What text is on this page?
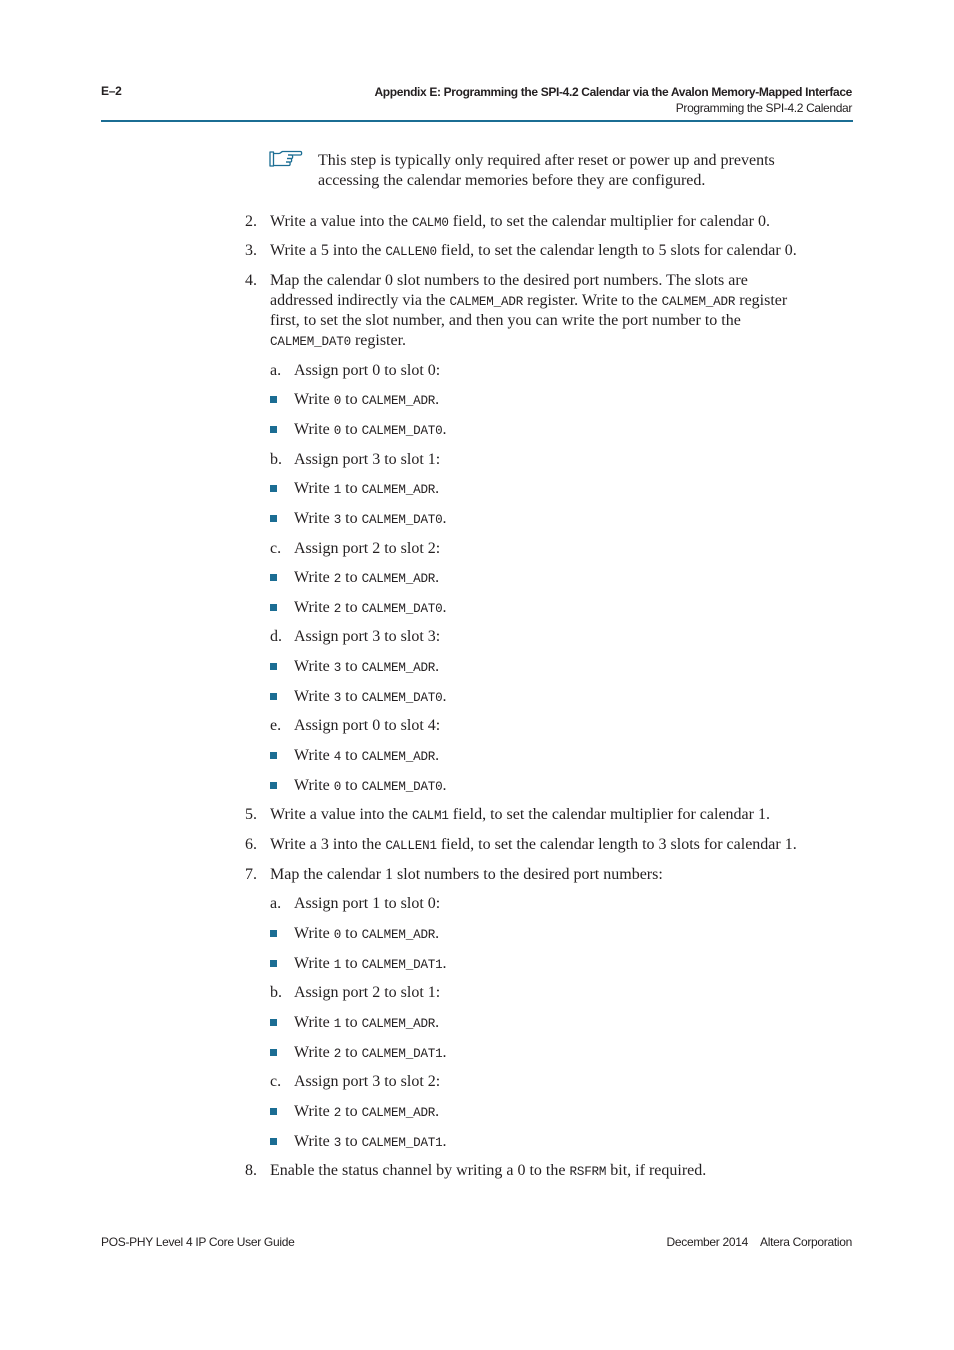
E–2	Appendix E: Programming the SPI-4.2 Calendar via the Avalon Memory-Mapped Interface
Programming the SPI-4.2 Calendar
This step is typically only required after reset or power up and prevents
accessing the calendar memories before they are configured.
2. Write a value into the CALM0 field, to set the calendar multiplier for calendar 0.
3. Write a 5 into the CALLEN0 field, to set the calendar length to 5 slots for calendar 0.
4. Map the calendar 0 slot numbers to the desired port numbers. The slots are
addressed indirectly via the CALMEM_ADR register. Write to the CALMEM_ADR register
first, to set the slot number, and then you can write the port number to the
CALMEM_DAT0 register.
a. Assign port 0 to slot 0:
Write 0 to CALMEM_ADR.
Write 0 to CALMEM_DAT0.
b. Assign port 3 to slot 1:
Write 1 to CALMEM_ADR.
Write 3 to CALMEM_DAT0.
c. Assign port 2 to slot 2:
Write 2 to CALMEM_ADR.
Write 2 to CALMEM_DAT0.
d. Assign port 3 to slot 3:
Write 3 to CALMEM_ADR.
Write 3 to CALMEM_DAT0.
e. Assign port 0 to slot 4:
Write 4 to CALMEM_ADR.
Write 0 to CALMEM_DAT0.
5. Write a value into the CALM1 field, to set the calendar multiplier for calendar 1.
6. Write a 3 into the CALLEN1 field, to set the calendar length to 3 slots for calendar 1.
7. Map the calendar 1 slot numbers to the desired port numbers:
a. Assign port 1 to slot 0:
Write 0 to CALMEM_ADR.
Write 1 to CALMEM_DAT1.
b. Assign port 2 to slot 1:
Write 1 to CALMEM_ADR.
Write 2 to CALMEM_DAT1.
c. Assign port 3 to slot 2:
Write 2 to CALMEM_ADR.
Write 3 to CALMEM_DAT1.
8. Enable the status channel by writing a 0 to the RSFRM bit, if required.
POS-PHY Level 4 IP Core User Guide	December 2014 Altera Corporation
